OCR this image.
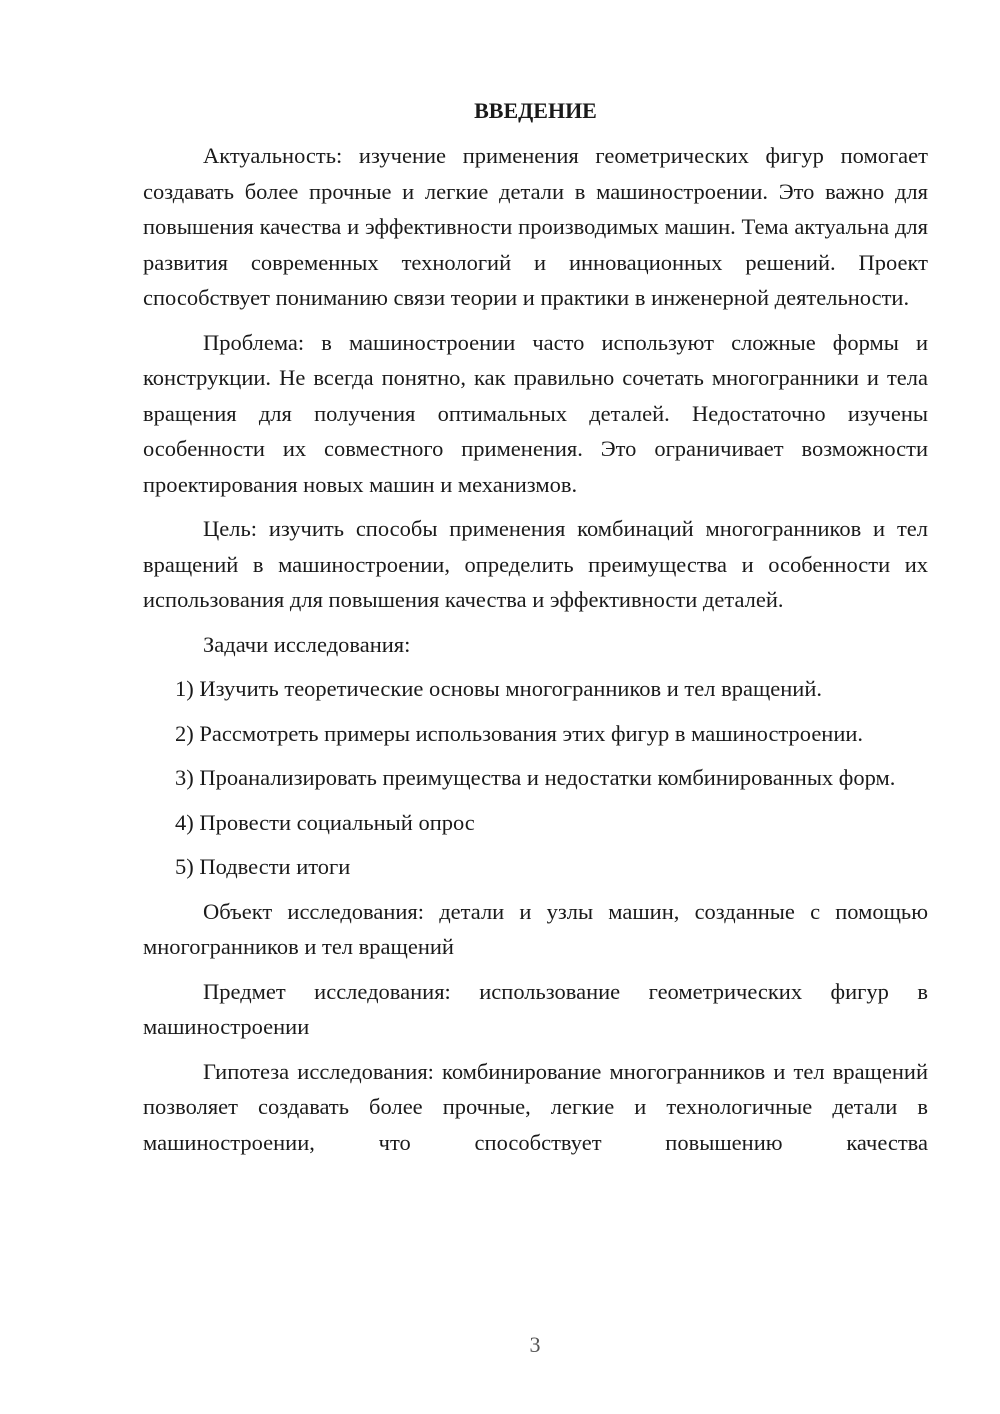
ВВЕДЕНИЕ

Актуальность: изучение применения геометрических фигур помогает создавать более прочные и легкие детали в машиностроении. Это важно для повышения качества и эффективности производимых машин. Тема актуальна для развития современных технологий и инновационных решений. Проект способствует пониманию связи теории и практики в инженерной деятельности.

Проблема: в машиностроении часто используют сложные формы и конструкции. Не всегда понятно, как правильно сочетать многогранники и тела вращения для получения оптимальных деталей. Недостаточно изучены особенности их совместного применения. Это ограничивает возможности проектирования новых машин и механизмов.

Цель: изучить способы применения комбинаций многогранников и тел вращений в машиностроении, определить преимущества и особенности их использования для повышения качества и эффективности деталей.

Задачи исследования:

1) Изучить теоретические основы многогранников и тел вращений.

2) Рассмотреть примеры использования этих фигур в машиностроении.

3) Проанализировать преимущества и недостатки комбинированных форм.

4) Провести социальный опрос

5) Подвести итоги

Объект исследования: детали и узлы машин, созданные с помощью многогранников и тел вращений

Предмет исследования: использование геометрических фигур в машиностроении

Гипотеза исследования: комбинирование многогранников и тел вращений позволяет создавать более прочные, легкие и технологичные детали в машиностроении, что способствует повышению качества

3
